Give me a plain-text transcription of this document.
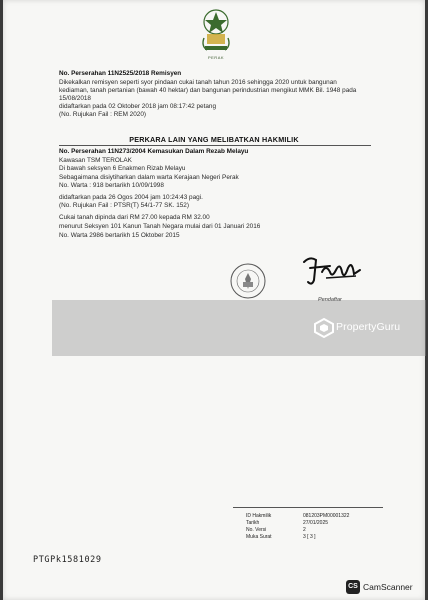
PERAK
No. Perserahan 11N2525/2018 Remisyen
Dikekalkan remisyen seperti syor pindaan cukai tanah tahun 2016 sehingga 2020 untuk bangunan
kediaman, tanah pertanian (bawah 40 hektar) dan bangunan perindustrian mengikut MMK Bil. 1948 pada
15/08/2018
didaftarkan pada 02 Oktober 2018 jam 08:17:42 petang
(No. Rujukan Fail : REM 2020)
PERKARA LAIN YANG MELIBATKAN HAKMILIK
No. Perserahan 11N273/2004 Kemasukan Dalam Rezab Melayu
Kawasan TSM TEROLAK
Di bawah seksyen 6 Enakmen Rizab Melayu
Sebagaimana disiytiharkan dalam warta Kerajaan Negeri Perak
No. Warta : 918 bertarikh 10/09/1998
didaftarkan pada 26 Ogos 2004 jam 10:24:43 pagi.
(No. Rujukan Fail : PTSR(T) 54/1-77 SK. 152)
Cukai tanah dipinda dari RM 27.00 kepada RM 32.00
menurut Seksyen 101 Kanun Tanah Negara mulai dari 01 Januari 2016
No. Warta 2986 bertarikh 15 Oktober 2015
Pendaftar
ID Hakmilik	081203PM00001322
Tarikh	27/01/2025
No. Versi	2
Muka Surat	3 [ 3 ]
PTGPk1581029
PropertyGuru
CS CamScanner
